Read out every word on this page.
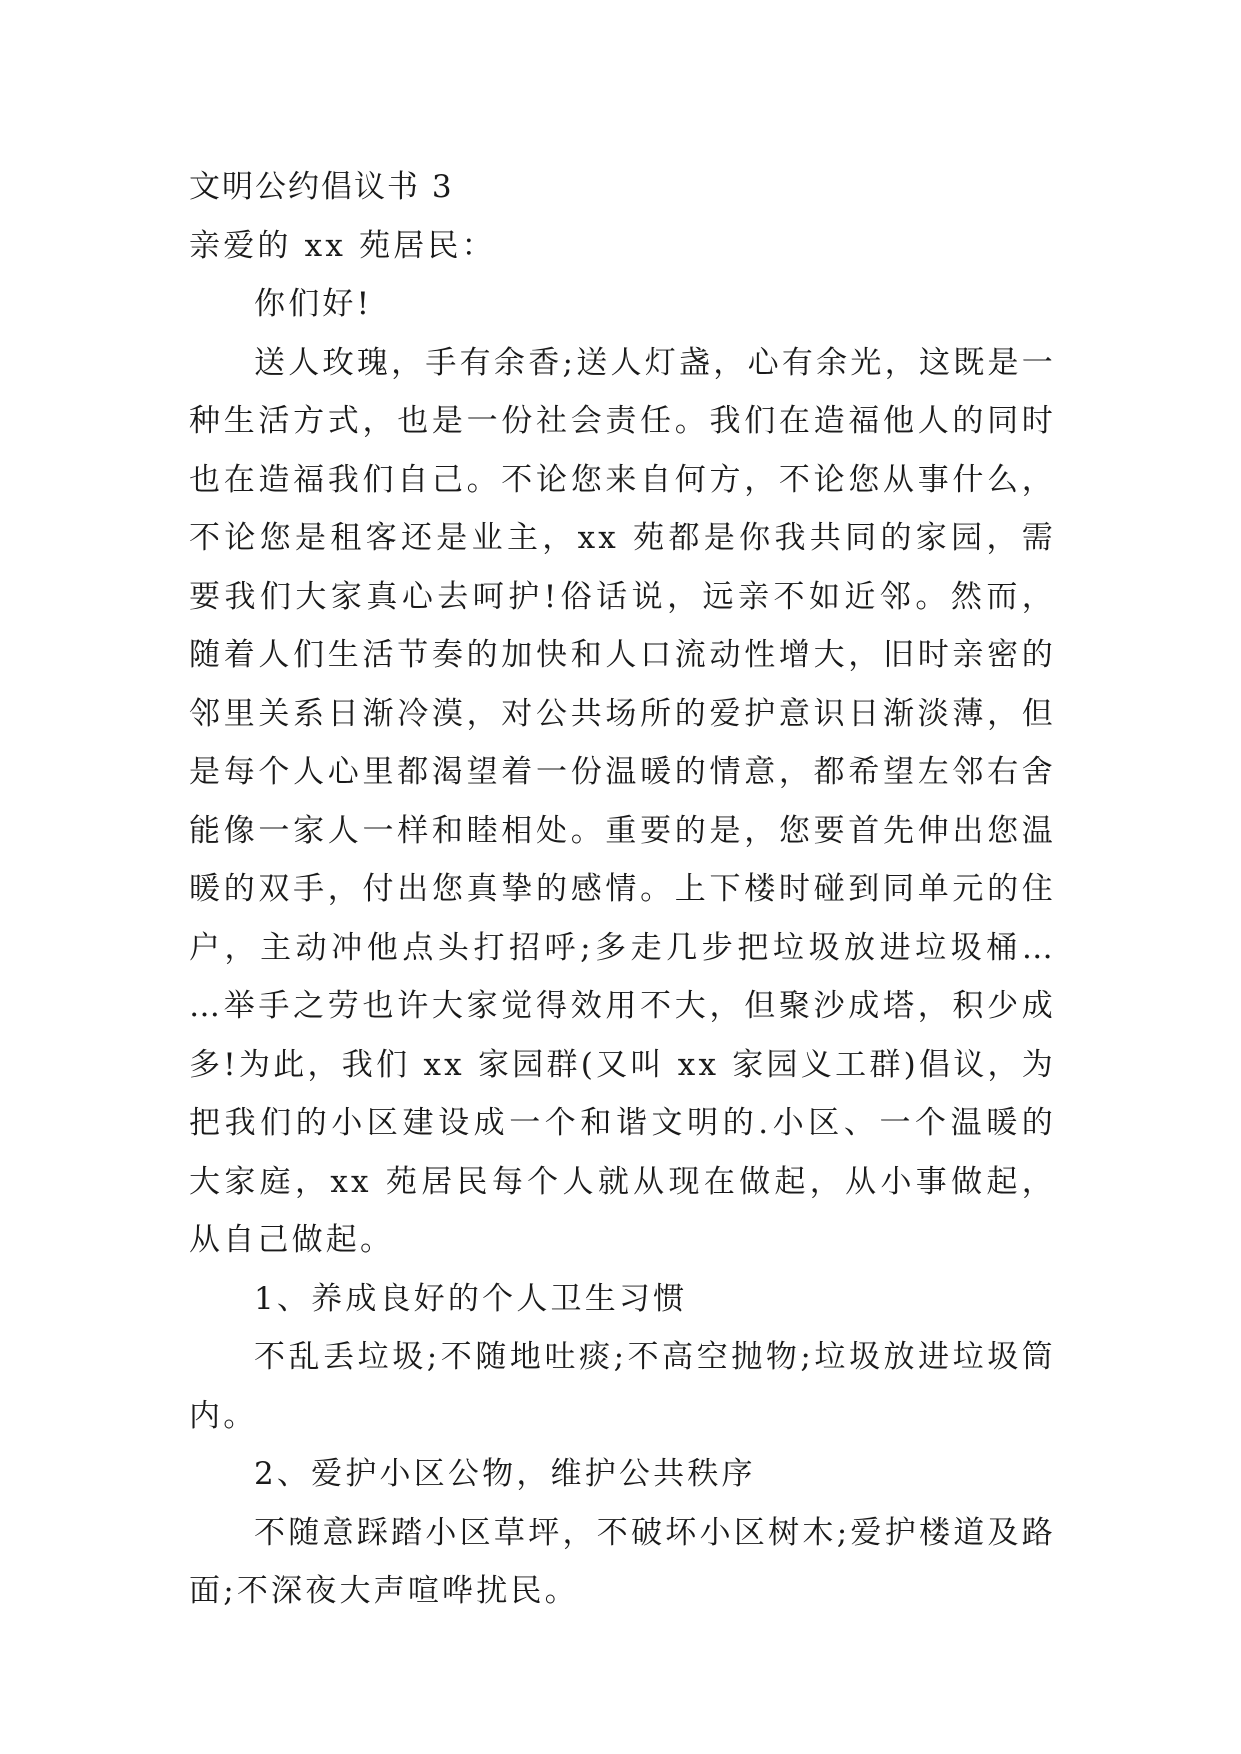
文明公约倡议书 3

亲爱的 xx 苑居民：

你们好!

送人玫瑰，手有余香;送人灯盏，心有余光，这既是一种生活方式，也是一份社会责任。我们在造福他人的同时也在造福我们自己。不论您来自何方，不论您从事什么，不论您是租客还是业主，xx 苑都是你我共同的家园，需要我们大家真心去呵护!俗话说，远亲不如近邻。然而，随着人们生活节奏的加快和人口流动性增大，旧时亲密的邻里关系日渐冷漠，对公共场所的爱护意识日渐淡薄，但是每个人心里都渴望着一份温暖的情意，都希望左邻右舍能像一家人一样和睦相处。重要的是，您要首先伸出您温暖的双手，付出您真挚的感情。上下楼时碰到同单元的住户，主动冲他点头打招呼;多走几步把垃圾放进垃圾桶……举手之劳也许大家觉得效用不大，但聚沙成塔，积少成多!为此，我们 xx 家园群(又叫 xx 家园义工群)倡议，为把我们的小区建设成一个和谐文明的.小区、一个温暖的大家庭，xx 苑居民每个人就从现在做起，从小事做起，从自己做起。

1、养成良好的个人卫生习惯

不乱丢垃圾;不随地吐痰;不高空抛物;垃圾放进垃圾筒内。

2、爱护小区公物，维护公共秩序

不随意踩踏小区草坪，不破坏小区树木;爱护楼道及路面;不深夜大声喧哗扰民。
